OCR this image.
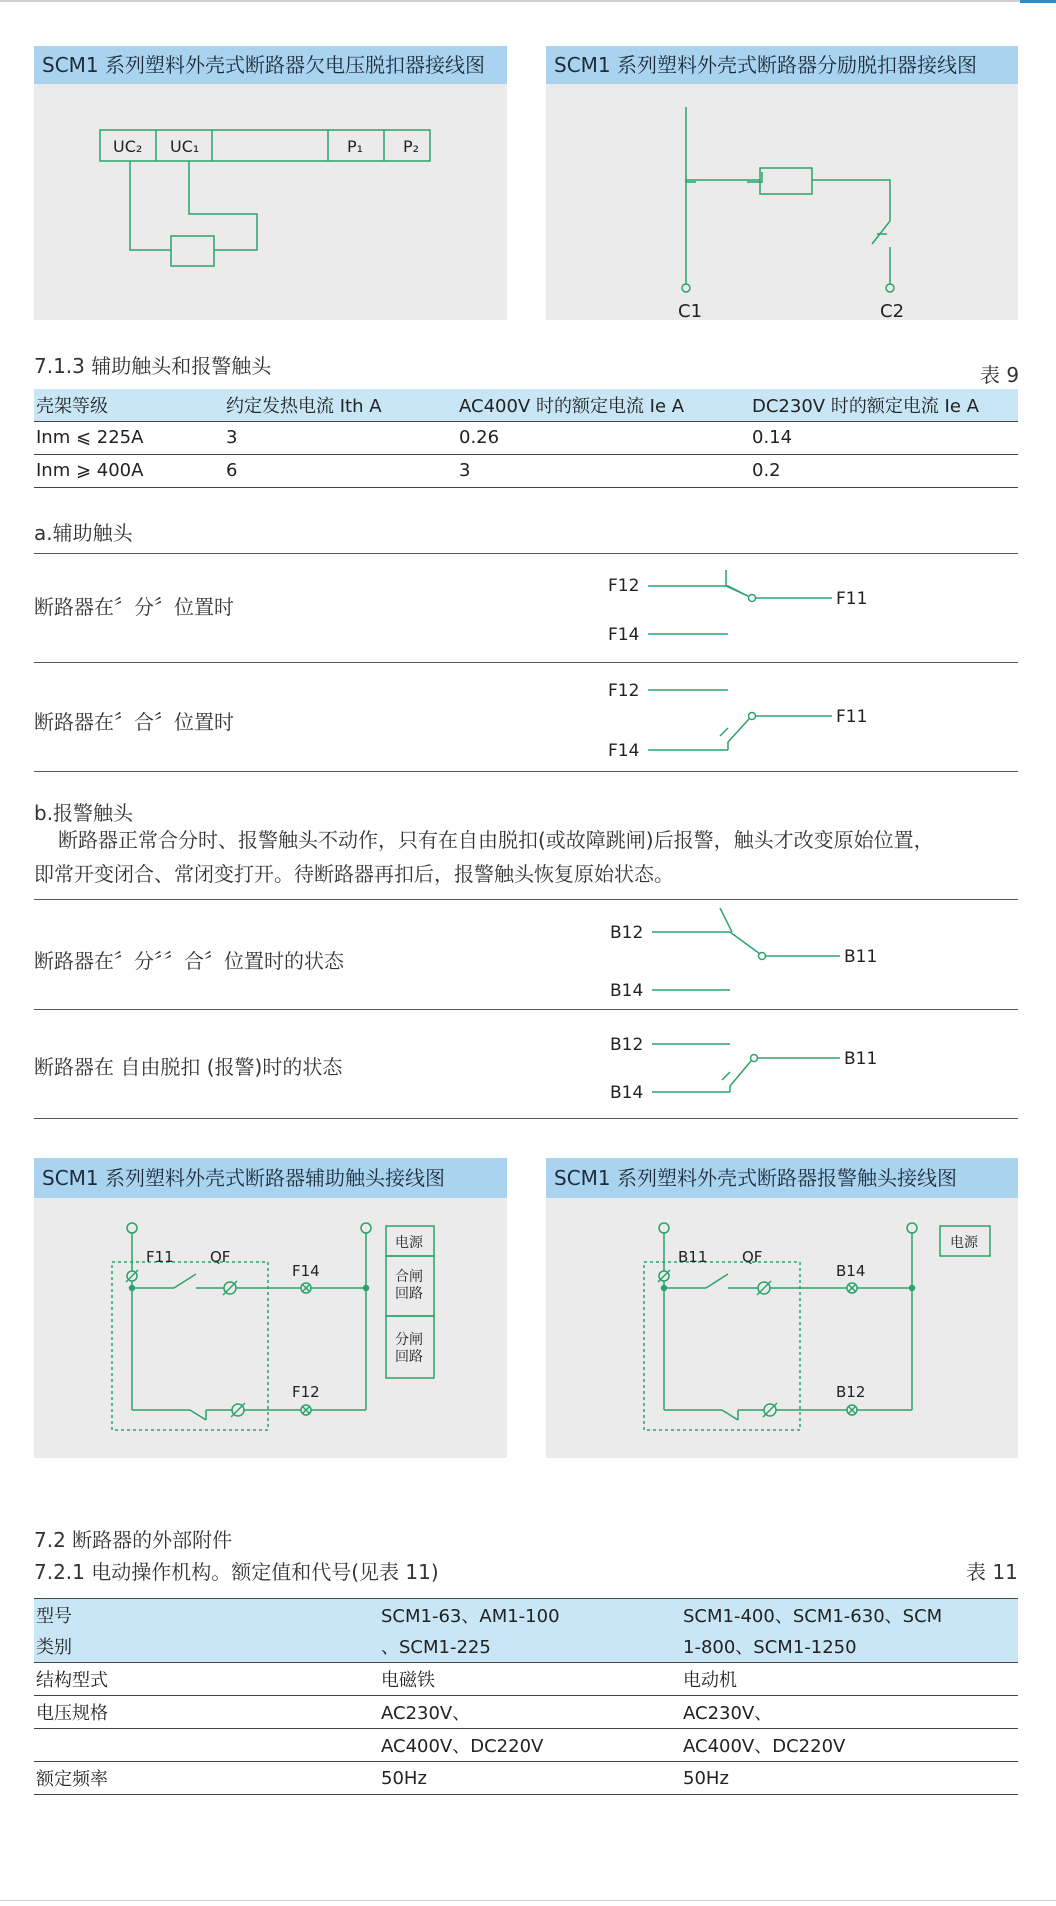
SCM1 系列塑料外壳式断路器欠电压脱扣器接线图
UC₂ UC₁	P₁ P₂
SCM1 系列塑料外壳式断路器分励脱扣器接线图
C1	C2
7.1.3 辅助触头和报警触头	表 9
壳架等级	约定发热电流 Ith A	AC400V 时的额定电流 Ie A	DC230V 时的额定电流 Ie A
Inm ⩽ 225A	3	0.26	0.14
Inm ⩾ 400A	6	3	0.2
a.辅助触头
断路器在〞分〞位置时
F12
F11
F14
断路器在〞合〞位置时
F12
F11
F14
b.报警触头
断路器正常合分时、报警触头不动作，只有在自由脱扣(或故障跳闸)后报警，触头才改变原始位置，
即常开变闭合、常闭变打开。待断路器再扣后，报警触头恢复原始状态。
断路器在〞分〞〞合〞位置时的状态
B12
B11
B14
断路器在 自由脱扣 (报警)时的状态
B12
B11
B14
SCM1 系列塑料外壳式断路器辅助触头接线图
F11 QF
F14
F12
电源
合闸
回路
分闸
回路
SCM1 系列塑料外壳式断路器报警触头接线图
B11 QF
B14
B12
电源
7.2 断路器的外部附件
7.2.1 电动操作机构。额定值和代号(见表 11)	表 11
型号	SCM1-63、AM1-100	SCM1-400、SCM1-630、SCM
类别	、SCM1-225	1-800、SCM1-1250
结构型式	电磁铁	电动机
电压规格	AC230V、	AC230V、
	AC400V、DC220V	AC400V、DC220V
额定频率	50Hz	50Hz
